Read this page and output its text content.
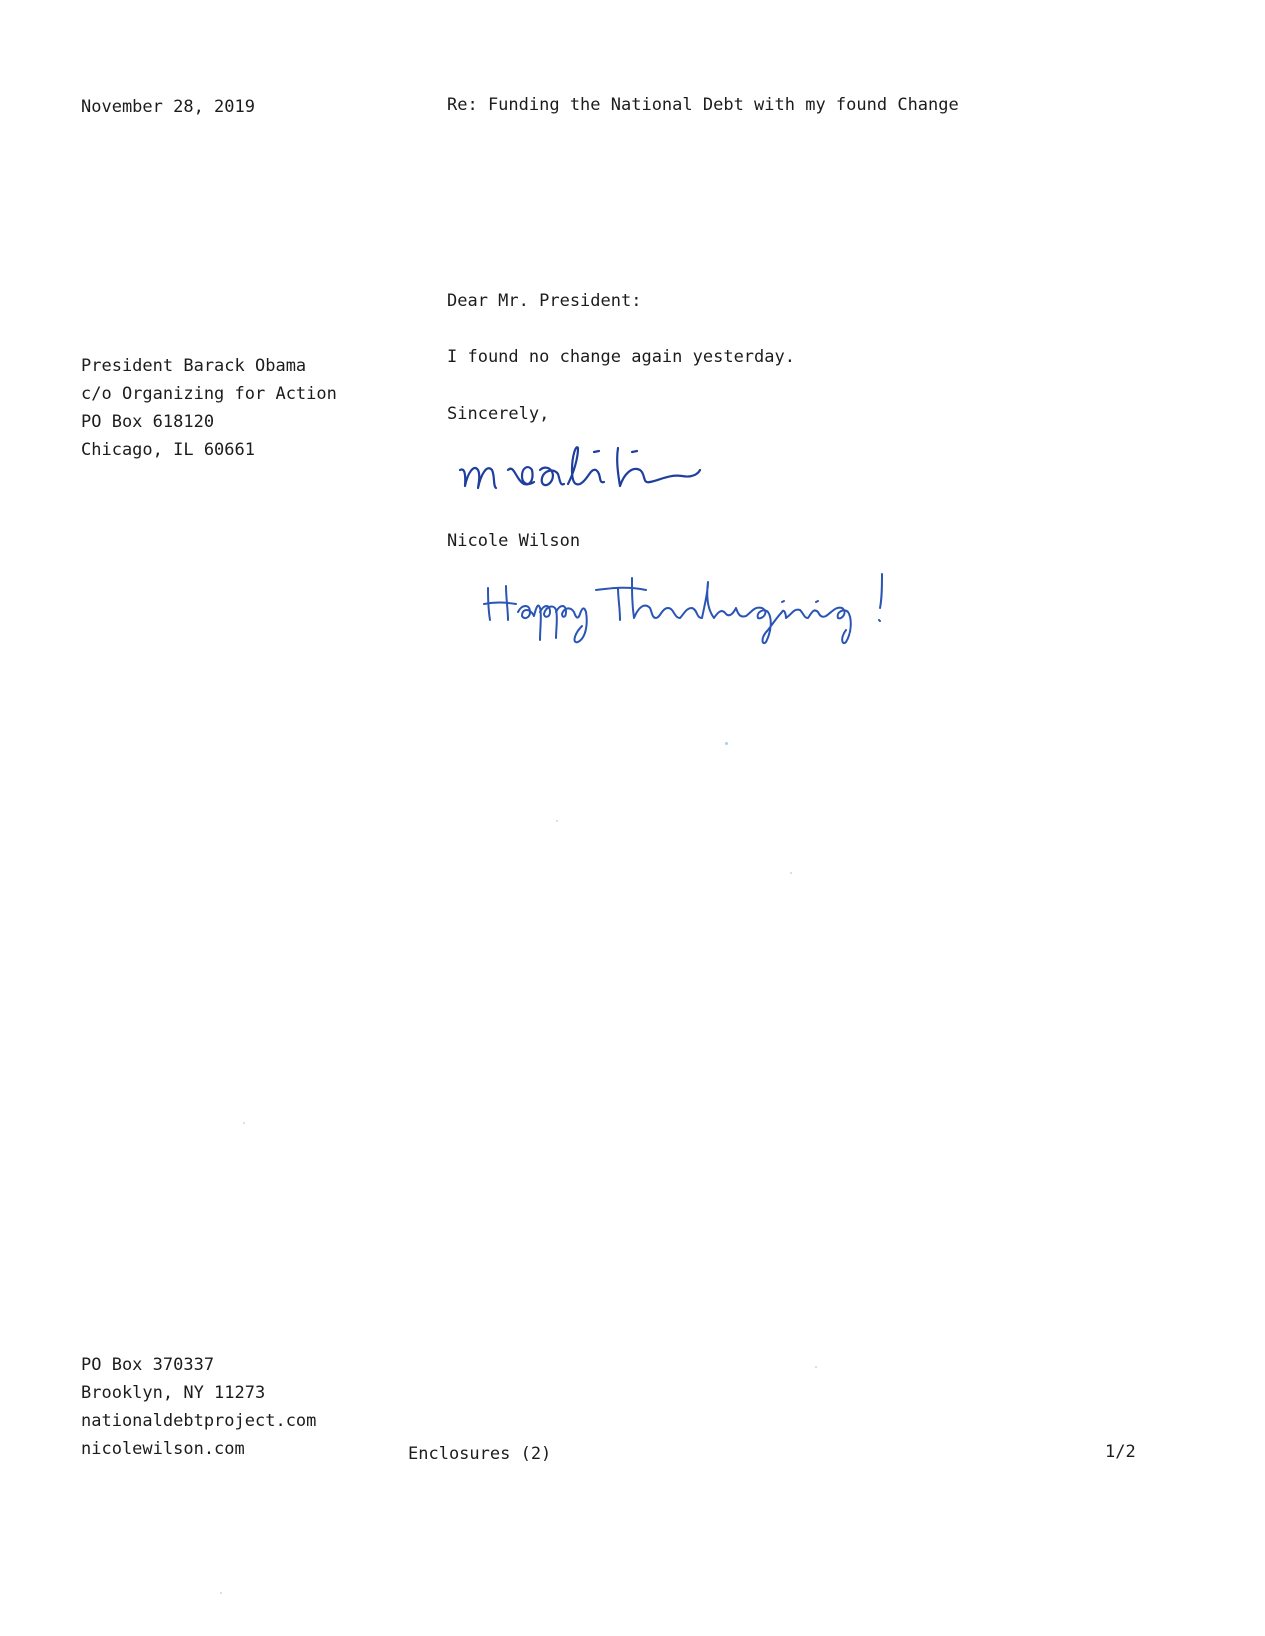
November 28, 2019	Re: Funding the National Debt with my found Change
President Barack Obama
c/o Organizing for Action
PO Box 618120
Chicago, IL 60661
Dear Mr. President:
I found no change again yesterday.
Sincerely,
Nicole Wilson
PO Box 370337
Brooklyn, NY 11273
nationaldebtproject.com
nicolewilson.com	Enclosures (2)	1/2
